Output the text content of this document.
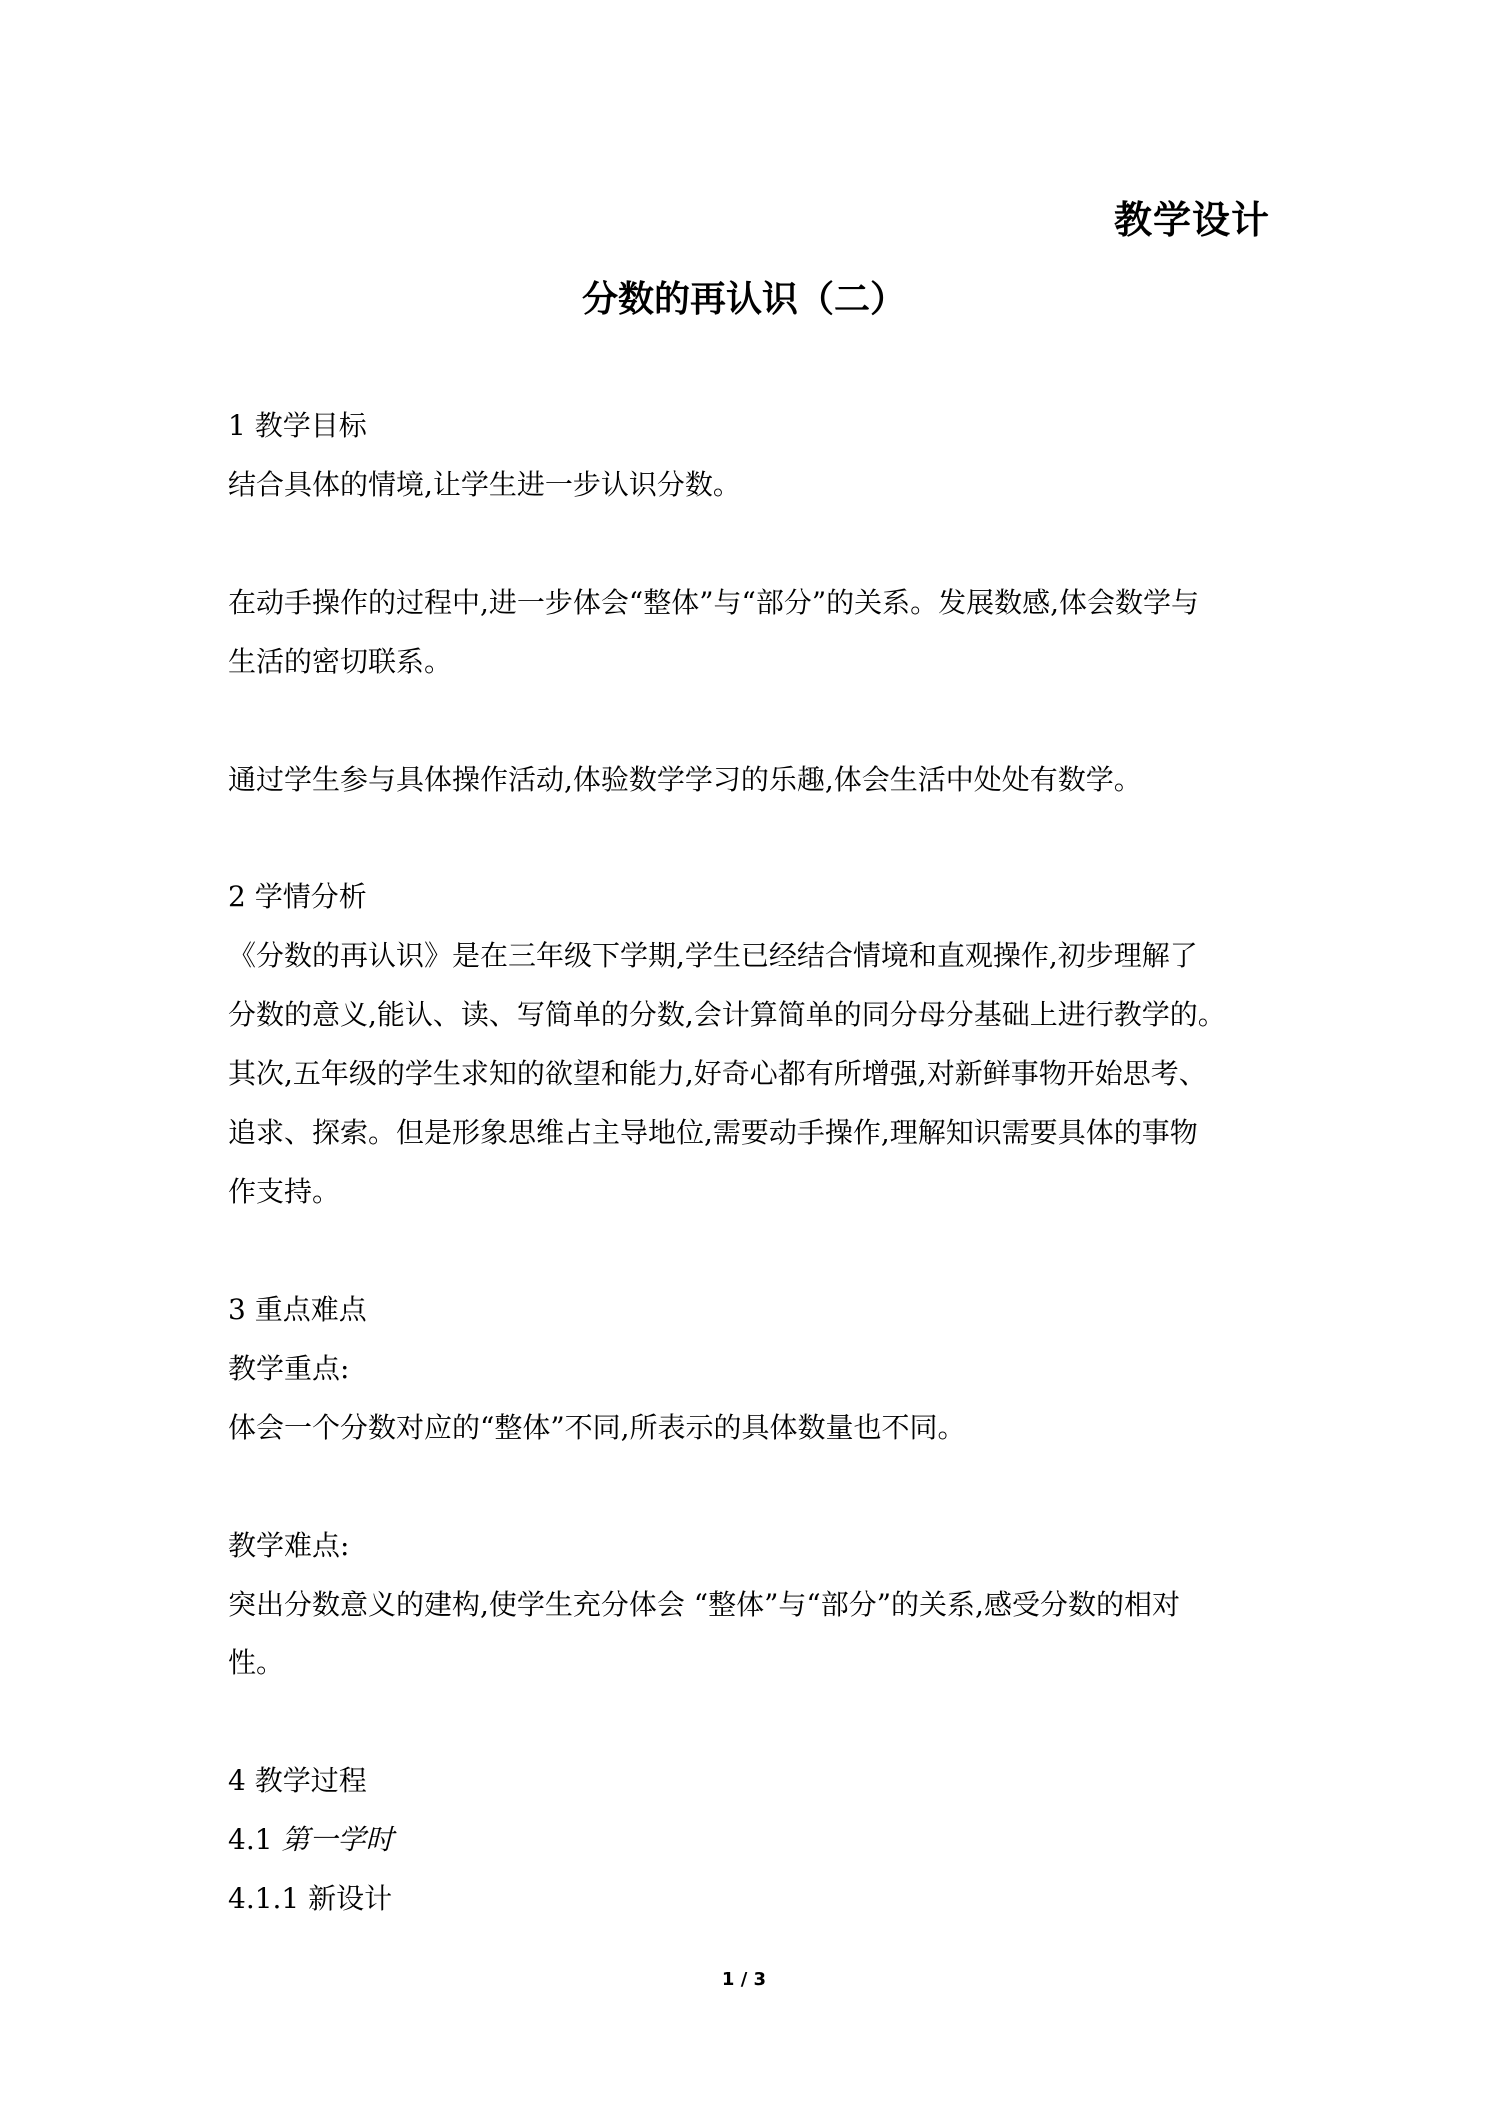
教学设计
分数的再认识（二）
1 教学目标
结合具体的情境,让学生进一步认识分数。
在动手操作的过程中,进一步体会“整体”与“部分”的关系。发展数感,体会数学与
生活的密切联系。
通过学生参与具体操作活动,体验数学学习的乐趣,体会生活中处处有数学。
2 学情分析
《分数的再认识》是在三年级下学期,学生已经结合情境和直观操作,初步理解了
分数的意义,能认、读、写简单的分数,会计算简单的同分母分基础上进行教学的。
其次,五年级的学生求知的欲望和能力,好奇心都有所增强,对新鲜事物开始思考、
追求、探索。但是形象思维占主导地位,需要动手操作,理解知识需要具体的事物
作支持。
3 重点难点
教学重点:
体会一个分数对应的“整体”不同,所表示的具体数量也不同。
教学难点:
突出分数意义的建构,使学生充分体会 “整体”与“部分”的关系,感受分数的相对
性。
4 教学过程
4.1 第一学时
4.1.1 新设计
1 / 3
